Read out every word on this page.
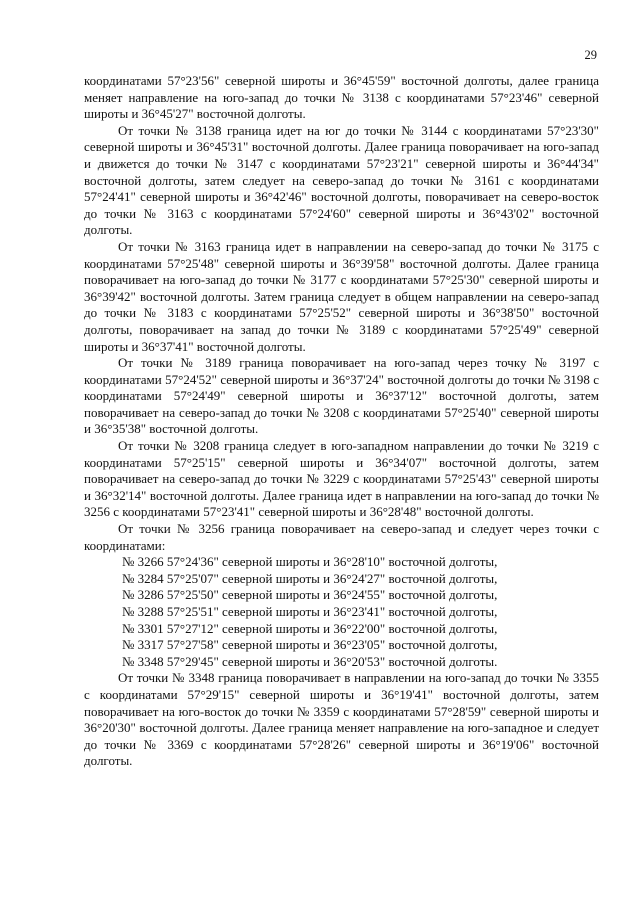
29

координатами 57°23'56" северной широты и 36°45'59" восточной долготы, далее граница меняет направление на юго-запад до точки № 3138 с координатами 57°23'46" северной широты и 36°45'27" восточной долготы.

От точки № 3138 граница идет на юг до точки № 3144 с координатами 57°23'30" северной широты и 36°45'31" восточной долготы. Далее граница поворачивает на юго-запад и движется до точки № 3147 с координатами 57°23'21" северной широты и 36°44'34" восточной долготы, затем следует на северо-запад до точки № 3161 с координатами 57°24'41" северной широты и 36°42'46" восточной долготы, поворачивает на северо-восток до точки № 3163 с координатами 57°24'60" северной широты и 36°43'02" восточной долготы.

От точки № 3163 граница идет в направлении на северо-запад до точки № 3175 с координатами 57°25'48" северной широты и 36°39'58" восточной долготы. Далее граница поворачивает на юго-запад до точки № 3177 с координатами 57°25'30" северной широты и 36°39'42" восточной долготы. Затем граница следует в общем направлении на северо-запад до точки № 3183 с координатами 57°25'52" северной широты и 36°38'50" восточной долготы, поворачивает на запад до точки № 3189 с координатами 57°25'49" северной широты и 36°37'41" восточной долготы.

От точки № 3189 граница поворачивает на юго-запад через точку № 3197 с координатами 57°24'52" северной широты и 36°37'24" восточной долготы до точки № 3198 с координатами 57°24'49" северной широты и 36°37'12" восточной долготы, затем поворачивает на северо-запад до точки № 3208 с координатами 57°25'40" северной широты и 36°35'38" восточной долготы.

От точки № 3208 граница следует в юго-западном направлении до точки № 3219 с координатами 57°25'15" северной широты и 36°34'07" восточной долготы, затем поворачивает на северо-запад до точки № 3229 с координатами 57°25'43" северной широты и 36°32'14" восточной долготы. Далее граница идет в направлении на юго-запад до точки № 3256 с координатами 57°23'41" северной широты и 36°28'48" восточной долготы.

От точки № 3256 граница поворачивает на северо-запад и следует через точки с координатами:

№ 3266 57°24'36" северной широты и 36°28'10" восточной долготы,
№ 3284 57°25'07" северной широты и 36°24'27" восточной долготы,
№ 3286 57°25'50" северной широты и 36°24'55" восточной долготы,
№ 3288 57°25'51" северной широты и 36°23'41" восточной долготы,
№ 3301 57°27'12" северной широты и 36°22'00" восточной долготы,
№ 3317 57°27'58" северной широты и 36°23'05" восточной долготы,
№ 3348 57°29'45" северной широты и 36°20'53" восточной долготы.

От точки № 3348 граница поворачивает в направлении на юго-запад до точки № 3355 с координатами 57°29'15" северной широты и 36°19'41" восточной долготы, затем поворачивает на юго-восток до точки № 3359 с координатами 57°28'59" северной широты и 36°20'30" восточной долготы. Далее граница меняет направление на юго-западное и следует до точки № 3369 с координатами 57°28'26" северной широты и 36°19'06" восточной долготы.
